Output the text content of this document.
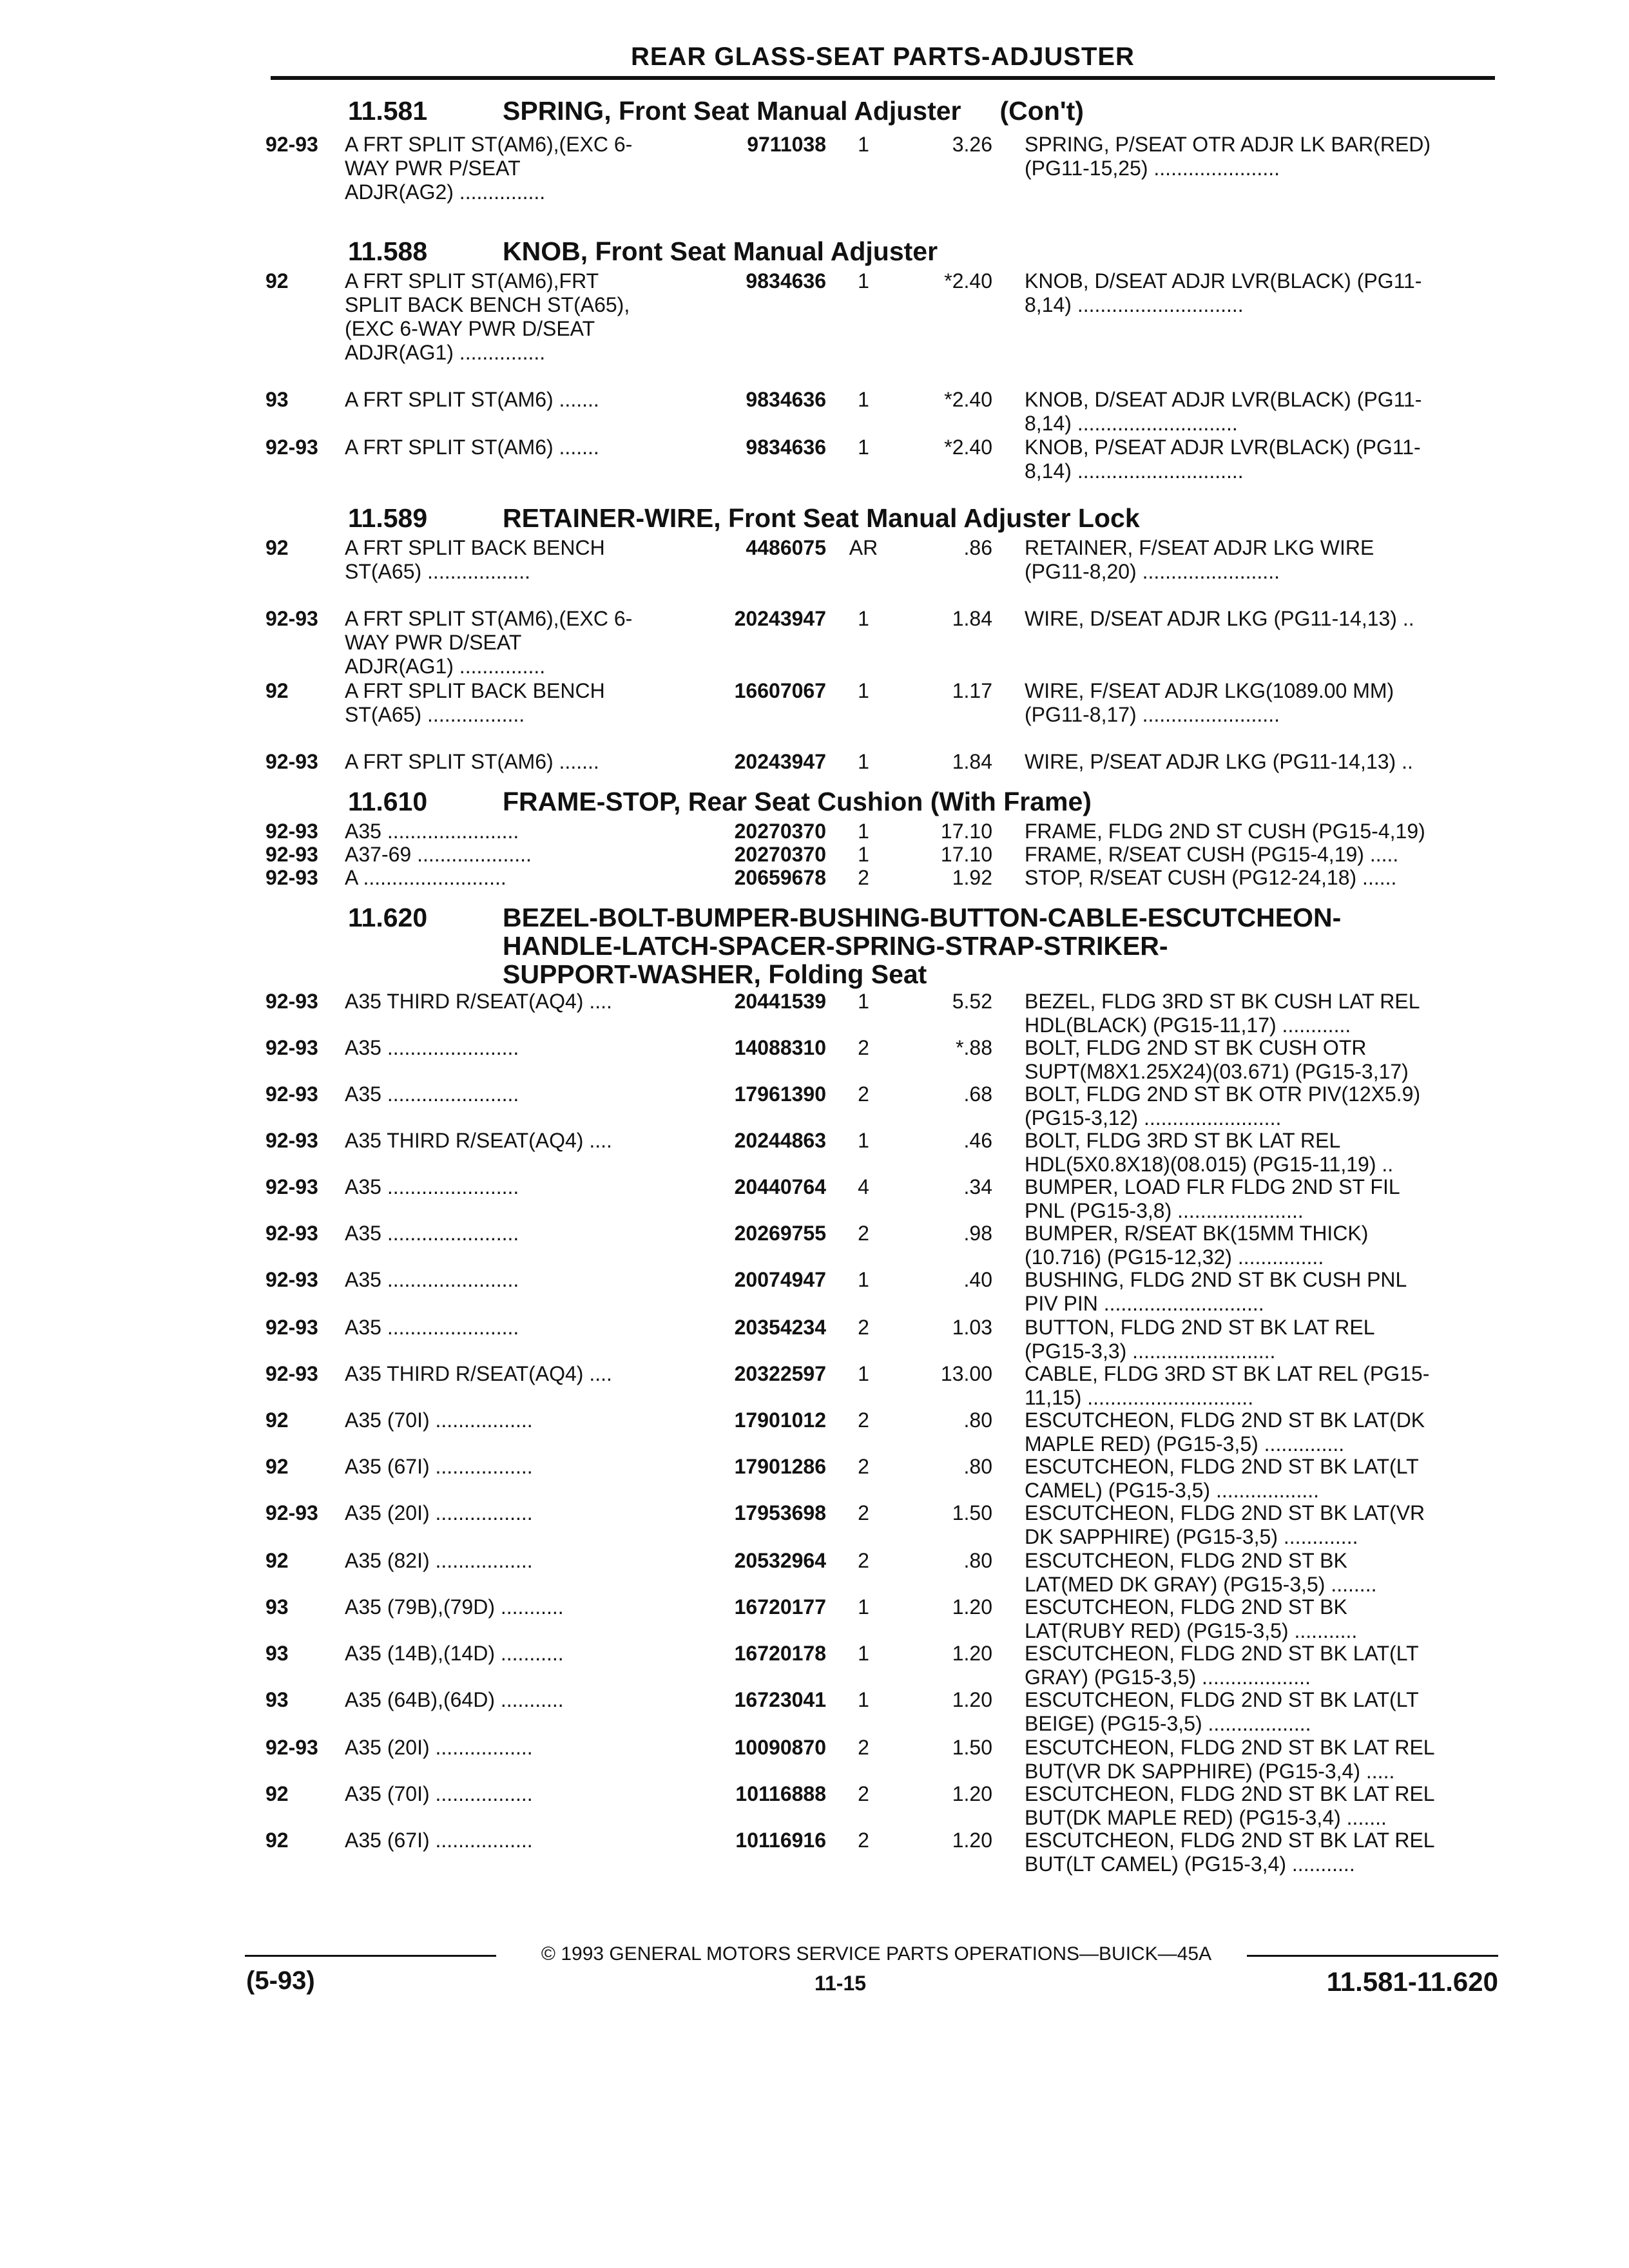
REAR GLASS-SEAT PARTS-ADJUSTER
11.581	SPRING, Front Seat Manual Adjuster (Con't)
92-93 A FRT SPLIT ST(AM6),(EXC 6-
WAY PWR P/SEAT
ADJR(AG2) ...............
9711038	1	3.26 SPRING, P/SEAT OTR ADJR LK BAR(RED)
(PG11-15,25) ......................
11.588	KNOB, Front Seat Manual Adjuster
92	A FRT SPLIT ST(AM6),FRT
SPLIT BACK BENCH ST(A65),
(EXC 6-WAY PWR D/SEAT
ADJR(AG1) ...............
9834636	1	*2.40 KNOB, D/SEAT ADJR LVR(BLACK) (PG11-
8,14) .............................
93	A FRT SPLIT ST(AM6) .......	9834636	1	*2.40 KNOB, D/SEAT ADJR LVR(BLACK) (PG11-
8,14) ............................
92-93 A FRT SPLIT ST(AM6) .......	9834636	1	*2.40 KNOB, P/SEAT ADJR LVR(BLACK) (PG11-
8,14) .............................
11.589	RETAINER-WIRE, Front Seat Manual Adjuster Lock
92	A FRT SPLIT BACK BENCH
ST(A65) ..................
4486075	AR	.86 RETAINER, F/SEAT ADJR LKG WIRE
(PG11-8,20) ........................
92-93 A FRT SPLIT ST(AM6),(EXC 6-
WAY PWR D/SEAT
ADJR(AG1) ...............
20243947	1	1.84 WIRE, D/SEAT ADJR LKG (PG11-14,13) ..
92	A FRT SPLIT BACK BENCH
ST(A65) .................
16607067	1	1.17 WIRE, F/SEAT ADJR LKG(1089.00 MM)
(PG11-8,17) ........................
92-93 A FRT SPLIT ST(AM6) .......	20243947	1	1.84 WIRE, P/SEAT ADJR LKG (PG11-14,13) ..
11.610	FRAME-STOP, Rear Seat Cushion (With Frame)
92-93 A35 .......................	20270370	1	17.10 FRAME, FLDG 2ND ST CUSH (PG15-4,19)
92-93 A37-69 ....................	20270370	1	17.10 FRAME, R/SEAT CUSH (PG15-4,19) .....
92-93 A .........................	20659678	2	1.92 STOP, R/SEAT CUSH (PG12-24,18) ......
11.620	BEZEL-BOLT-BUMPER-BUSHING-BUTTON-CABLE-ESCUTCHEON-
HANDLE-LATCH-SPACER-SPRING-STRAP-STRIKER-
SUPPORT-WASHER, Folding Seat
92-93 A35 THIRD R/SEAT(AQ4) ....	20441539	1	5.52 BEZEL, FLDG 3RD ST BK CUSH LAT REL
HDL(BLACK) (PG15-11,17) ............
92-93 A35 .......................	14088310	2	*.88 BOLT, FLDG 2ND ST BK CUSH OTR
SUPT(M8X1.25X24)(03.671) (PG15-3,17)
92-93 A35 .......................	17961390	2	.68 BOLT, FLDG 2ND ST BK OTR PIV(12X5.9)
(PG15-3,12) ........................
92-93 A35 THIRD R/SEAT(AQ4) ....	20244863	1	.46 BOLT, FLDG 3RD ST BK LAT REL
HDL(5X0.8X18)(08.015) (PG15-11,19) ..
92-93 A35 .......................	20440764	4	.34 BUMPER, LOAD FLR FLDG 2ND ST FIL
PNL (PG15-3,8) ......................
92-93 A35 .......................	20269755	2	.98 BUMPER, R/SEAT BK(15MM THICK)
(10.716) (PG15-12,32) ...............
92-93 A35 .......................	20074947	1	.40 BUSHING, FLDG 2ND ST BK CUSH PNL
PIV PIN ............................
92-93 A35 .......................	20354234	2	1.03 BUTTON, FLDG 2ND ST BK LAT REL
(PG15-3,3) .........................
92-93 A35 THIRD R/SEAT(AQ4) ....	20322597	1	13.00 CABLE, FLDG 3RD ST BK LAT REL (PG15-
11,15) .............................
92	A35 (70I) .................	17901012	2	.80 ESCUTCHEON, FLDG 2ND ST BK LAT(DK
MAPLE RED) (PG15-3,5) ..............
92	A35 (67I) .................	17901286	2	.80 ESCUTCHEON, FLDG 2ND ST BK LAT(LT
CAMEL) (PG15-3,5) ..................
92-93 A35 (20I) .................	17953698	2	1.50 ESCUTCHEON, FLDG 2ND ST BK LAT(VR
DK SAPPHIRE) (PG15-3,5) .............
92	A35 (82I) .................	20532964	2	.80 ESCUTCHEON, FLDG 2ND ST BK
LAT(MED DK GRAY) (PG15-3,5) ........
93	A35 (79B),(79D) ...........	16720177	1	1.20 ESCUTCHEON, FLDG 2ND ST BK
LAT(RUBY RED) (PG15-3,5) ...........
93	A35 (14B),(14D) ...........	16720178	1	1.20 ESCUTCHEON, FLDG 2ND ST BK LAT(LT
GRAY) (PG15-3,5) ...................
93	A35 (64B),(64D) ...........	16723041	1	1.20 ESCUTCHEON, FLDG 2ND ST BK LAT(LT
BEIGE) (PG15-3,5) ..................
92-93 A35 (20I) .................	10090870	2	1.50 ESCUTCHEON, FLDG 2ND ST BK LAT REL
BUT(VR DK SAPPHIRE) (PG15-3,4) .....
92	A35 (70I) .................	10116888	2	1.20 ESCUTCHEON, FLDG 2ND ST BK LAT REL
BUT(DK MAPLE RED) (PG15-3,4) .......
92	A35 (67I) .................	10116916	2	1.20 ESCUTCHEON, FLDG 2ND ST BK LAT REL
BUT(LT CAMEL) (PG15-3,4) ...........
© 1993 GENERAL MOTORS SERVICE PARTS OPERATIONS—BUICK—45A
(5-93)	11-15	11.581-11.620
